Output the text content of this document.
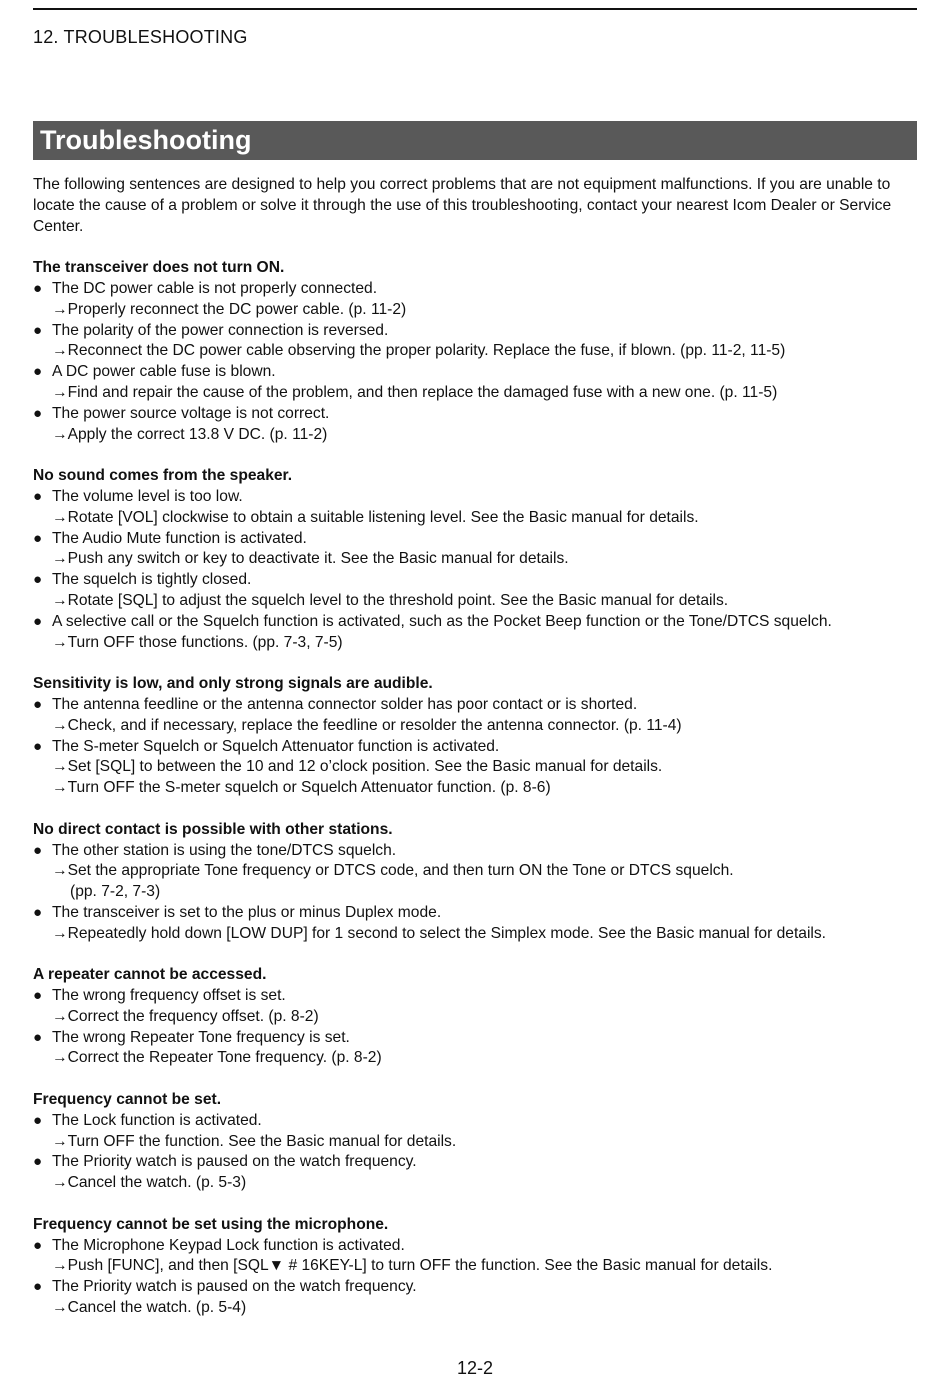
12. TROUBLESHOOTING
Troubleshooting

The following sentences are designed to help you correct problems that are not equipment malfunctions. If you are unable to locate the cause of a problem or solve it through the use of this troubleshooting, contact your nearest Icom Dealer or Service Center.

The transceiver does not turn ON.
● The DC power cable is not properly connected.
→Properly reconnect the DC power cable. (p. 11-2)
● The polarity of the power connection is reversed.
→Reconnect the DC power cable observing the proper polarity. Replace the fuse, if blown. (pp. 11-2, 11-5)
● A DC power cable fuse is blown.
→Find and repair the cause of the problem, and then replace the damaged fuse with a new one. (p. 11-5)
● The power source voltage is not correct.
→Apply the correct 13.8 V DC. (p. 11-2)
No sound comes from the speaker.
● The volume level is too low.
→Rotate [VOL] clockwise to obtain a suitable listening level. See the Basic manual for details.
● The Audio Mute function is activated.
→Push any switch or key to deactivate it. See the Basic manual for details.
● The squelch is tightly closed.
→Rotate [SQL] to adjust the squelch level to the threshold point. See the Basic manual for details.
● A selective call or the Squelch function is activated, such as the Pocket Beep function or the Tone/DTCS squelch.
→Turn OFF those functions. (pp. 7-3, 7-5)
Sensitivity is low, and only strong signals are audible.
● The antenna feedline or the antenna connector solder has poor contact or is shorted.
→Check, and if necessary, replace the feedline or resolder the antenna connector. (p. 11-4)
● The S-meter Squelch or Squelch Attenuator function is activated.
→Set [SQL] to between the 10 and 12 o’clock position. See the Basic manual for details.
→Turn OFF the S-meter squelch or Squelch Attenuator function. (p. 8-6)
No direct contact is possible with other stations.
● The other station is using the tone/DTCS squelch.
→Set the appropriate Tone frequency or DTCS code, and then turn ON the Tone or DTCS squelch.
(pp. 7-2, 7-3)
● The transceiver is set to the plus or minus Duplex mode.
→Repeatedly hold down [LOW DUP] for 1 second to select the Simplex mode. See the Basic manual for details.
A repeater cannot be accessed.
● The wrong frequency offset is set.
→Correct the frequency offset. (p. 8-2)
● The wrong Repeater Tone frequency is set.
→Correct the Repeater Tone frequency. (p. 8-2)
Frequency cannot be set.
● The Lock function is activated.
→Turn OFF the function. See the Basic manual for details.
● The Priority watch is paused on the watch frequency.
→Cancel the watch. (p. 5-3)
Frequency cannot be set using the microphone.
● The Microphone Keypad Lock function is activated.
→Push [FUNC], and then [SQL▼ # 16KEY-L] to turn OFF the function. See the Basic manual for details.
● The Priority watch is paused on the watch frequency.
→Cancel the watch. (p. 5-4)
12-2
